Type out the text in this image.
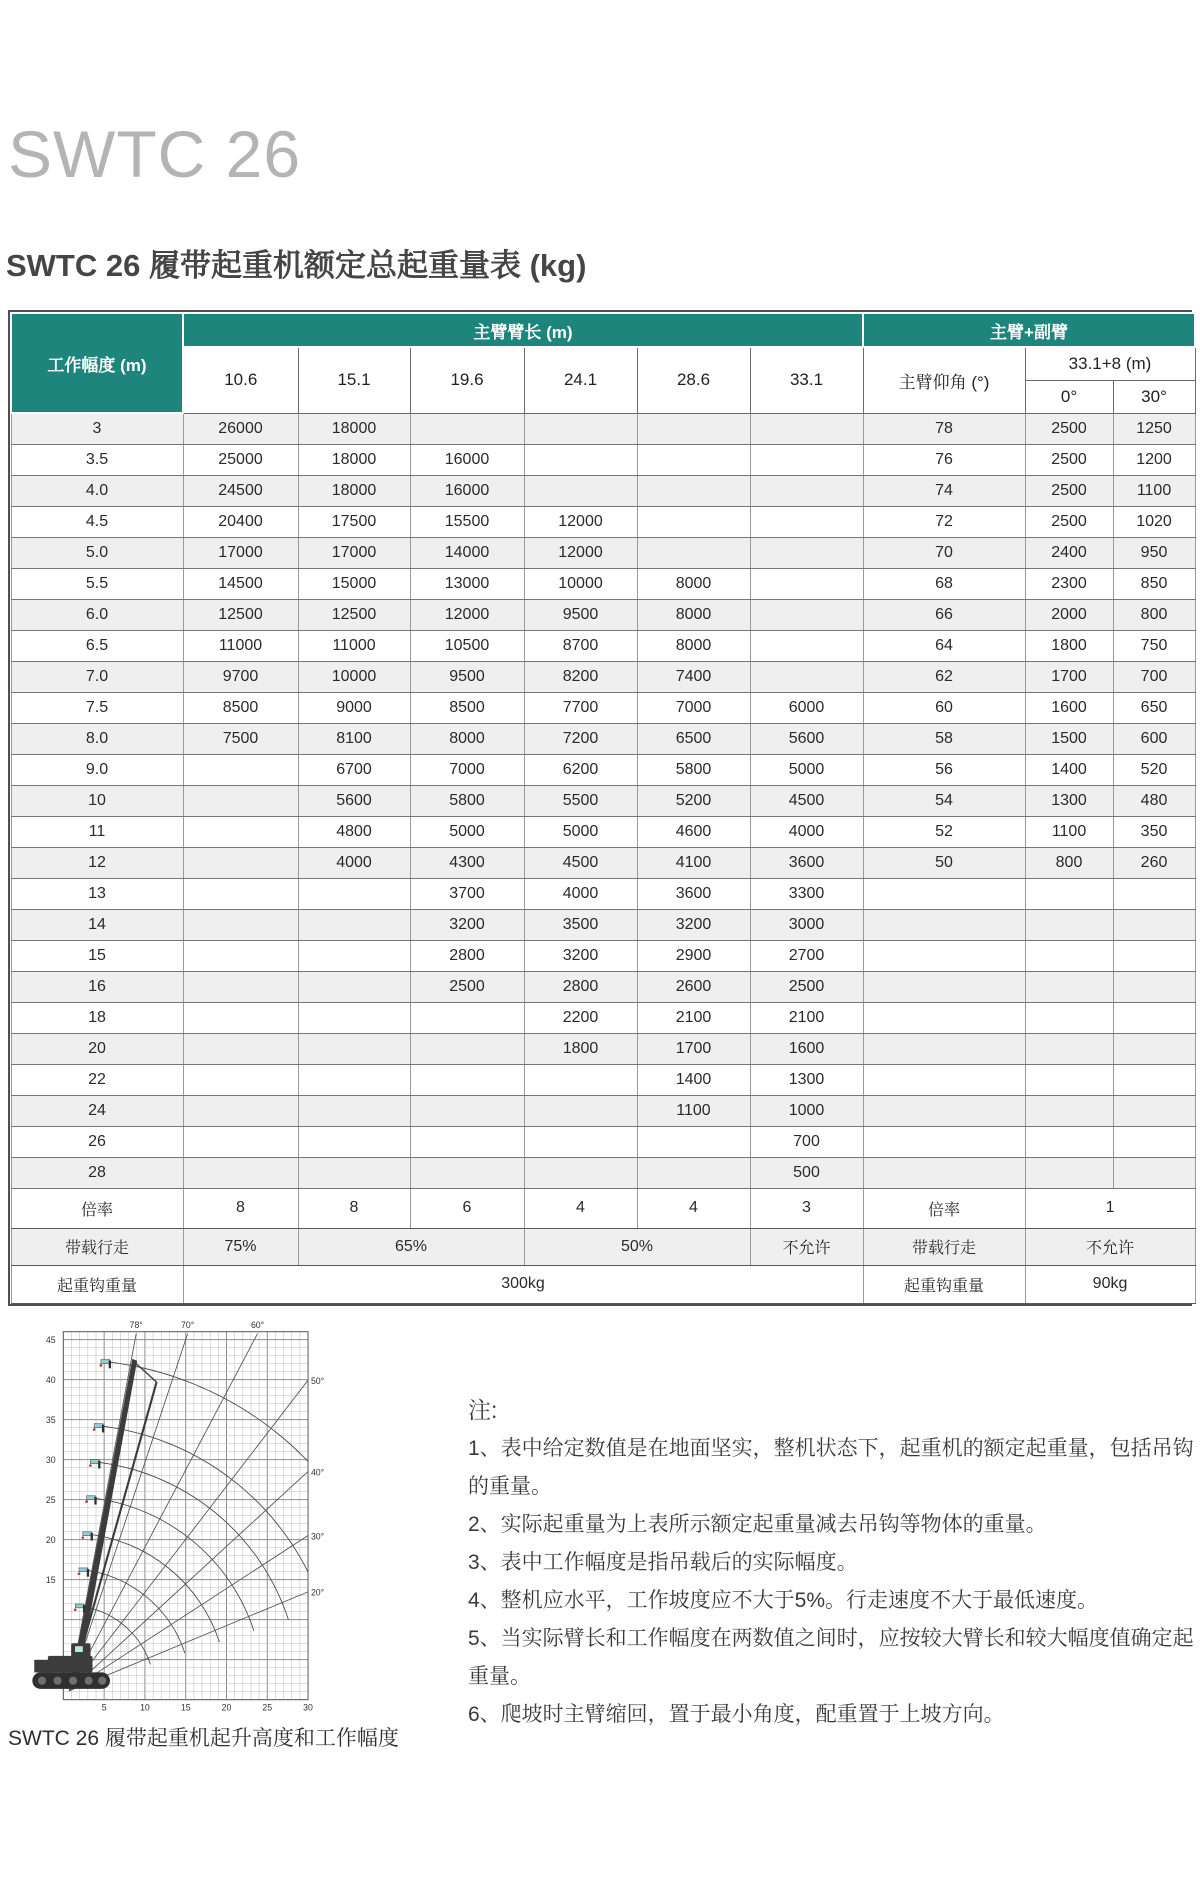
SWTC 26
SWTC 26 履带起重机额定总起重量表 (kg)
工作幅度 (m)	主臂臂长 (m)						主臂+副臂		
	10.6	15.1	19.6	24.1	28.6	33.1	主臂仰角 (°)	33.1+8 (m)	
								0°	30°
3	26000	18000					78	2500	1250
3.5	25000	18000	16000				76	2500	1200
4.0	24500	18000	16000				74	2500	1100
4.5	20400	17500	15500	12000			72	2500	1020
5.0	17000	17000	14000	12000			70	2400	950
5.5	14500	15000	13000	10000	8000		68	2300	850
6.0	12500	12500	12000	9500	8000		66	2000	800
6.5	11000	11000	10500	8700	8000		64	1800	750
7.0	9700	10000	9500	8200	7400		62	1700	700
7.5	8500	9000	8500	7700	7000	6000	60	1600	650
8.0	7500	8100	8000	7200	6500	5600	58	1500	600
9.0		6700	7000	6200	5800	5000	56	1400	520
10		5600	5800	5500	5200	4500	54	1300	480
11		4800	5000	5000	4600	4000	52	1100	350
12		4000	4300	4500	4100	3600	50	800	260
13			3700	4000	3600	3300			
14			3200	3500	3200	3000			
15			2800	3200	2900	2700			
16			2500	2800	2600	2500			
18				2200	2100	2100			
20				1800	1700	1600			
22					1400	1300			
24					1100	1000			
26						700			
28						500			
倍率	8	8	6	4	4	3	倍率	1	
带载行走	75%	65%		50%		不允许	带载行走	不允许	
起重钩重量	300kg						起重钩重量	90kg	
78°	70°	60°
50°
40°
30°
20°
5	10	15	20	25	30
45
40
35
30
25
20
15
SWTC 26 履带起重机起升高度和工作幅度
注:
1、表中给定数值是在地面坚实，整机状态下，起重机的额定起重量，包括吊钩的重量。
2、实际起重量为上表所示额定起重量减去吊钩等物体的重量。
3、表中工作幅度是指吊载后的实际幅度。
4、整机应水平，工作坡度应不大于5%。行走速度不大于最低速度。
5、当实际臂长和工作幅度在两数值之间时，应按较大臂长和较大幅度值确定起重量。
6、爬坡时主臂缩回，置于最小角度，配重置于上坡方向。
